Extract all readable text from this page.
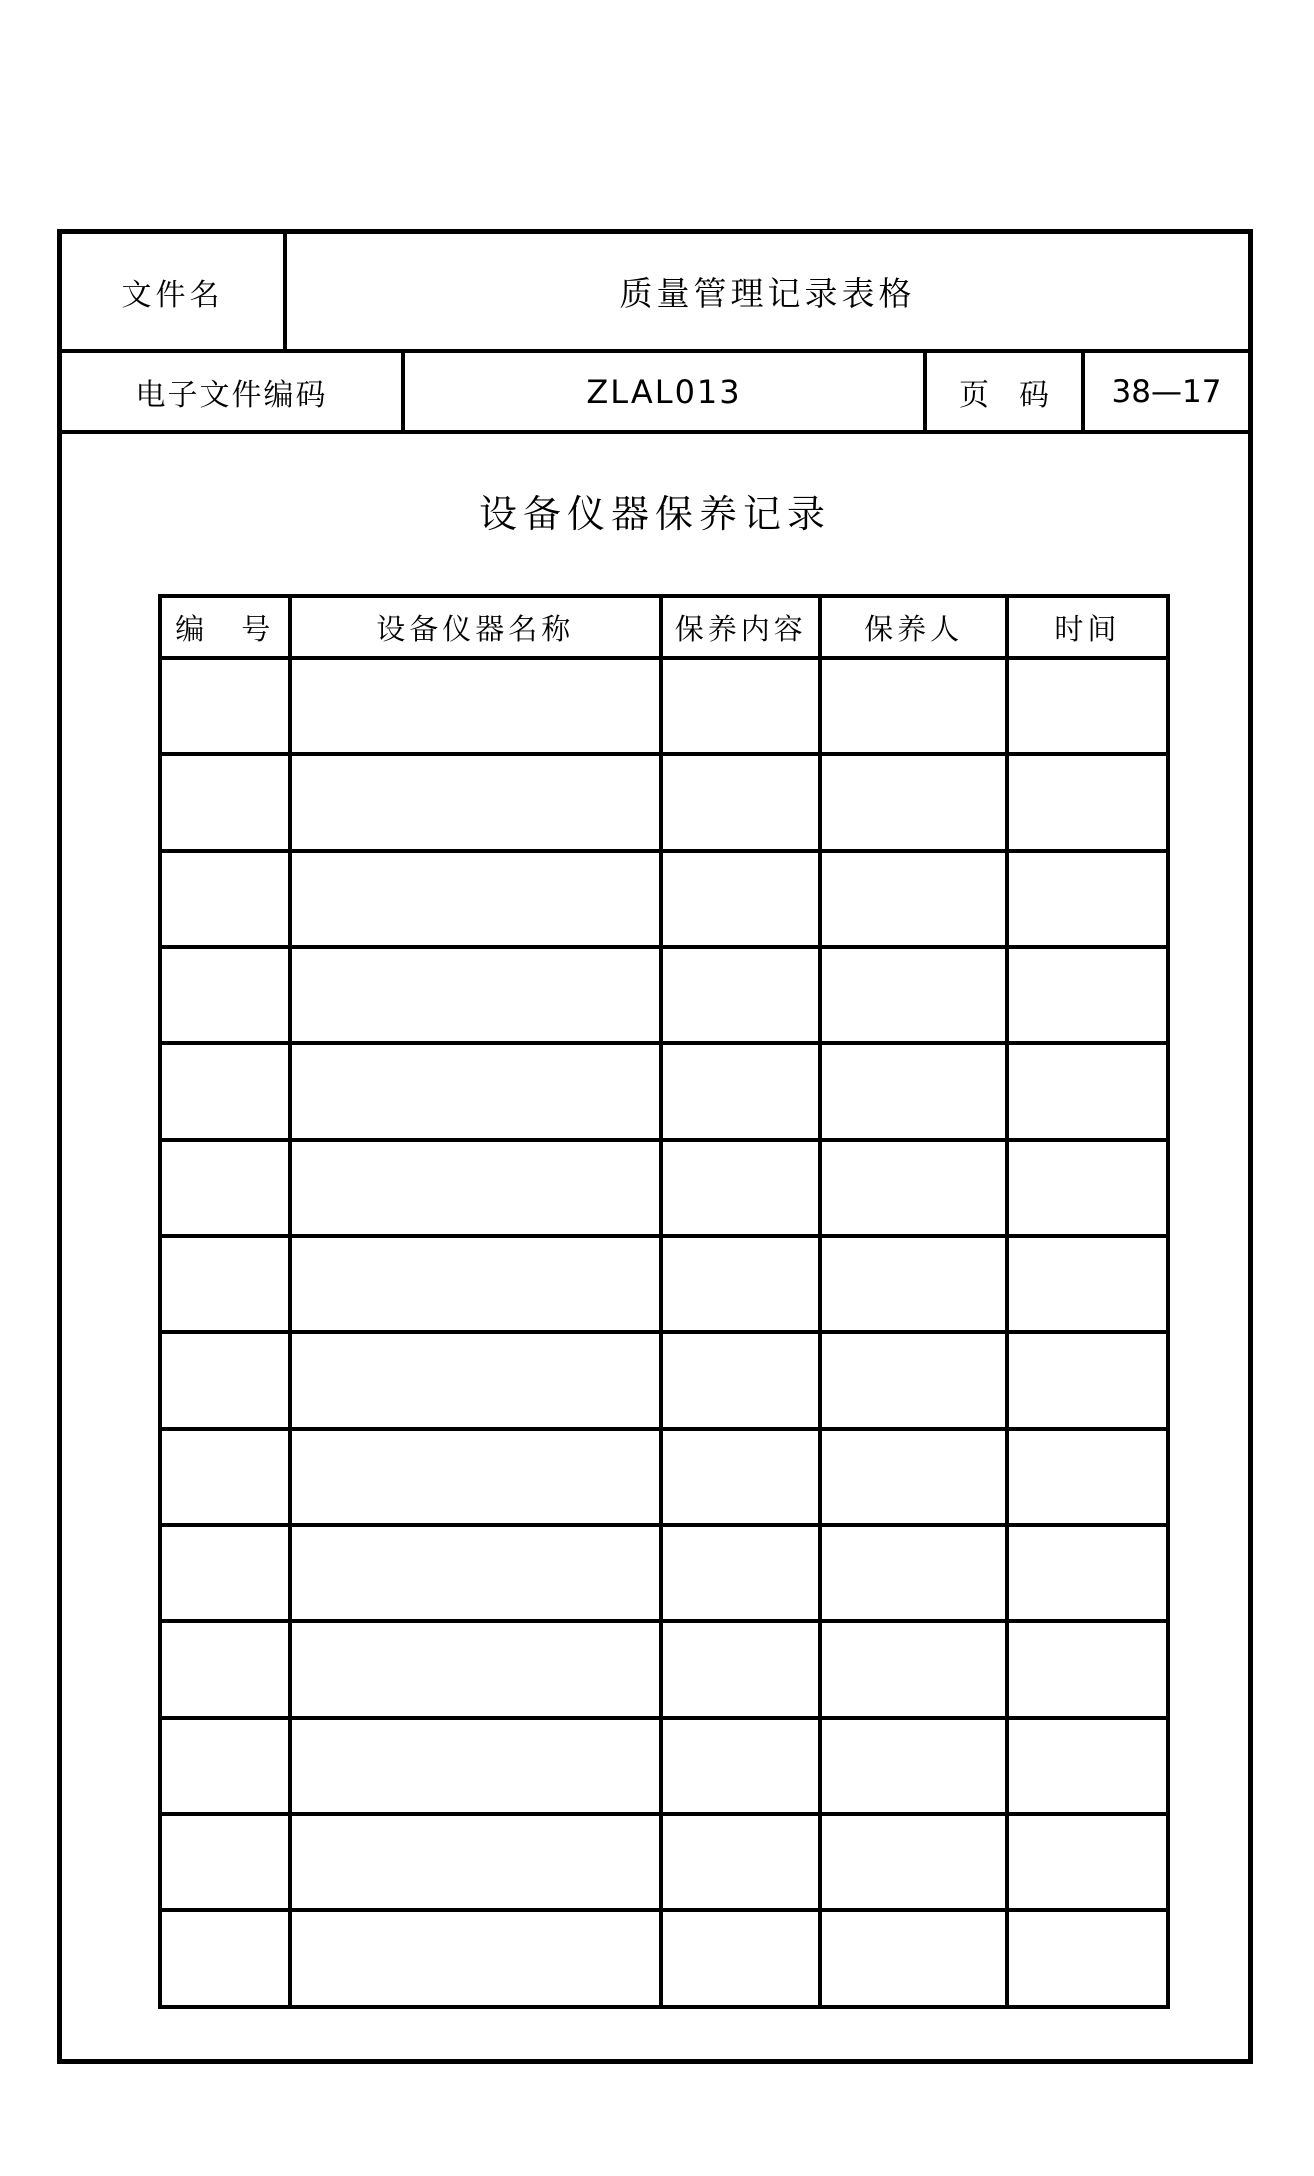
文件名	质量管理记录表格
电子文件编码	ZLAL013	页　码	38—17
设备仪器保养记录
编　号	设备仪器名称	保养内容	保养人	时间
